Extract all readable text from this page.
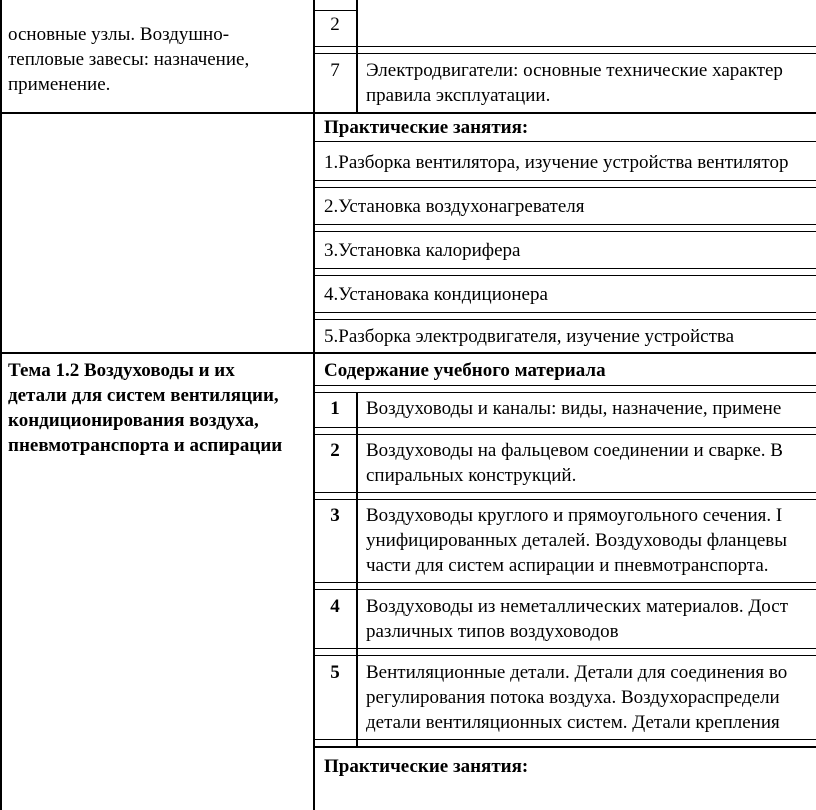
основные узлы. Воздушно-тепловые завесы: назначение, применение.
2
7	Электродвигатели: основные технические характер
правила эксплуатации.
Практические занятия:
1.Разборка вентилятора, изучение устройства вентилятор
2.Установка воздухонагревателя
3.Установка калорифера
4.Установака кондиционера
5.Разборка электродвигателя, изучение устройства
Тема 1.2 Воздуховоды и их
детали для систем вентиляции,
кондиционирования воздуха,
пневмотранспорта и аспирации
Содержание учебного материала
1	Воздуховоды и каналы: виды, назначение, примене
2	Воздуховоды на фальцевом соединении и сварке. В
спиральных конструкций.
3	Воздуховоды круглого и прямоугольного сечения. I
унифицированных деталей. Воздуховоды фланцевы
части для систем аспирации и пневмотранспорта.
4	Воздуховоды из неметаллических материалов. Дост
различных типов воздуховодов
5	Вентиляционные детали. Детали для соединения во
регулирования потока воздуха. Воздухораспредели
детали вентиляционных систем. Детали крепления
Практические занятия:
